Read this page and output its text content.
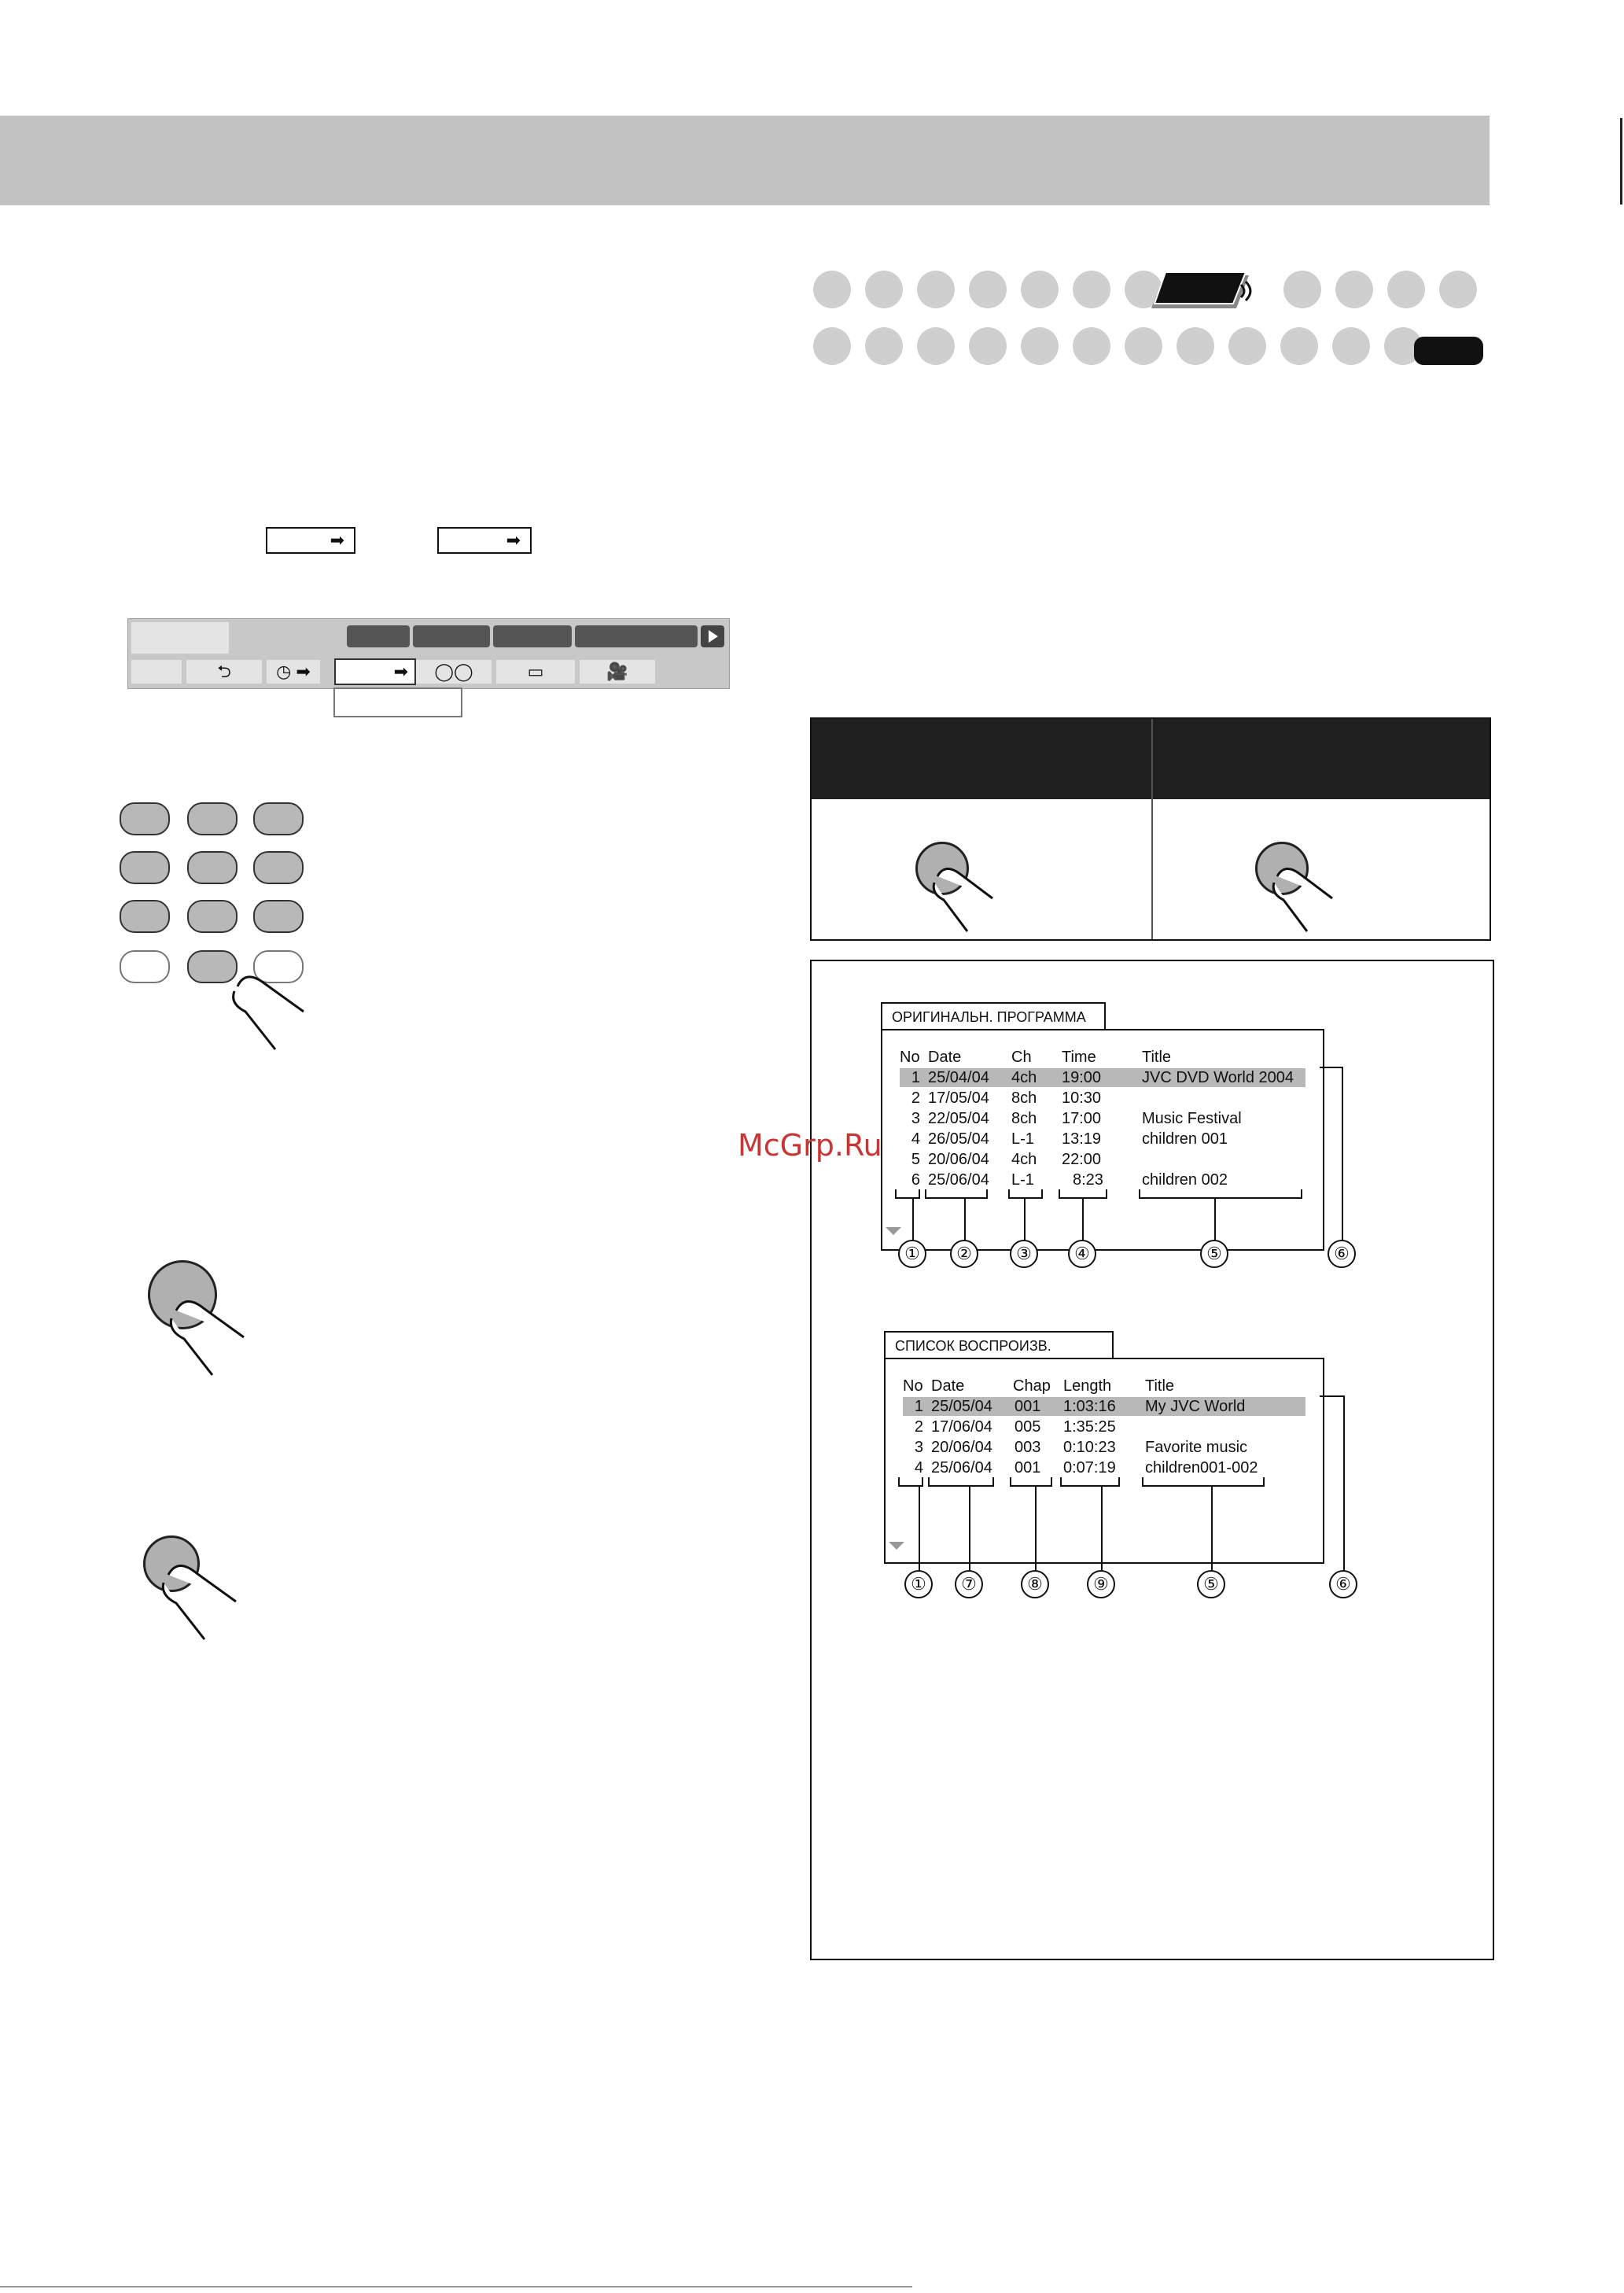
➡	➡
⮌	◷ ➡	➡	◯◯	▭	🎥
ОРИГИНАЛЬН. ПРОГРАММА
No Date	Ch Time	Title
1 25/04/04 4ch 19:00	JVC DVD World 2004
2 17/05/04 8ch 10:30
3 22/05/04 8ch 17:00	Music Festival
4 26/05/04 L-1 13:19	children 001
5 20/06/04 4ch 22:00
6 25/06/04 L-1 8:23 children 002
①	②	③	④	⑤	⑥
СПИСОК ВОСПРОИЗВ.
No Date	Chap Length Title
1 25/05/04 001 1:03:16 My JVC World
2 17/06/04 005 1:35:25
3 20/06/04 003 0:10:23 Favorite music
4 25/06/04 001 0:07:19 children001-002
①	⑦	⑧	⑨	⑤	⑥
McGrp.Ru
